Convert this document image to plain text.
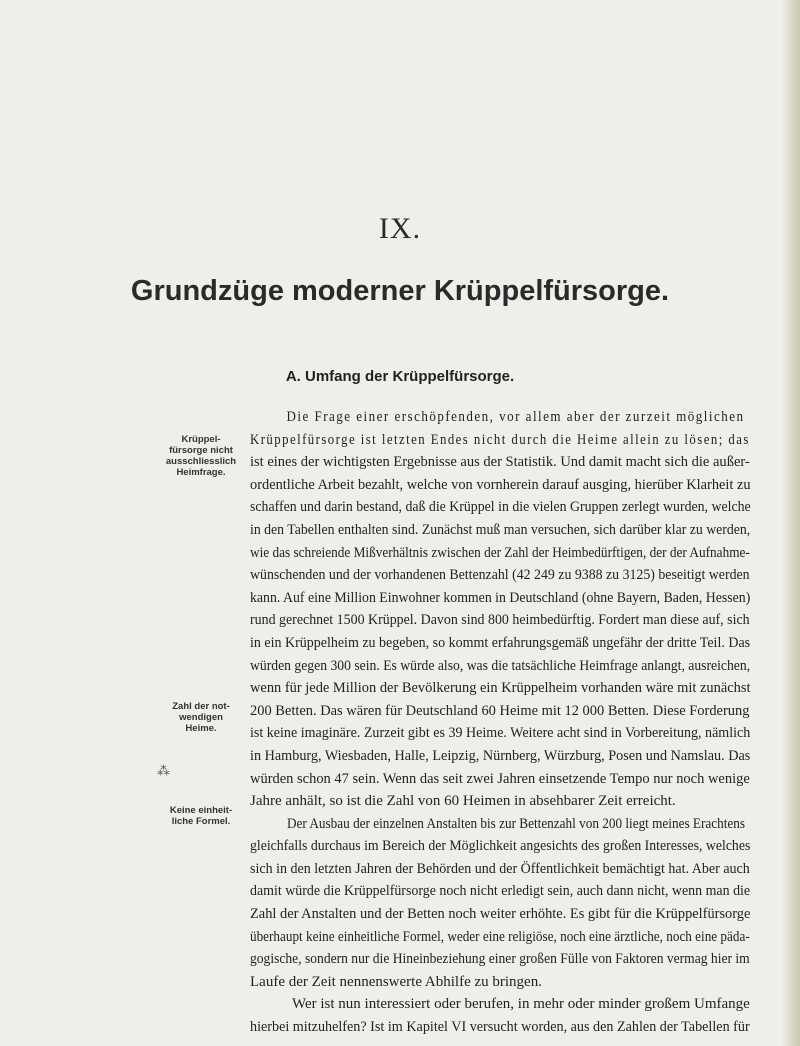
IX.
Grundzüge moderner Krüppelfürsorge.
A. Umfang der Krüppelfürsorge.
Krüppel-
fürsorge nicht
ausschliesslich
Heimfrage.
Zahl der not-
wendigen
Heime.
Keine einheit-
liche Formel.
⁂
Die Frage einer erschöpfenden, vor allem aber der zurzeit möglichen
Krüppelfürsorge ist letzten Endes nicht durch die Heime allein zu lösen; das
ist eines der wichtigsten Ergebnisse aus der Statistik. Und damit macht sich die außer-
ordentliche Arbeit bezahlt, welche von vornherein darauf ausging, hierüber Klarheit zu
schaffen und darin bestand, daß die Krüppel in die vielen Gruppen zerlegt wurden, welche
in den Tabellen enthalten sind. Zunächst muß man versuchen, sich darüber klar zu werden,
wie das schreiende Mißverhältnis zwischen der Zahl der Heimbedürftigen, der der Aufnahme-
wünschenden und der vorhandenen Bettenzahl (42 249 zu 9388 zu 3125) beseitigt werden
kann. Auf eine Million Einwohner kommen in Deutschland (ohne Bayern, Baden, Hessen)
rund gerechnet 1500 Krüppel. Davon sind 800 heimbedürftig. Fordert man diese auf, sich
in ein Krüppelheim zu begeben, so kommt erfahrungsgemäß ungefähr der dritte Teil. Das
würden gegen 300 sein. Es würde also, was die tatsächliche Heimfrage anlangt, ausreichen,
wenn für jede Million der Bevölkerung ein Krüppelheim vorhanden wäre mit zunächst
200 Betten. Das wären für Deutschland 60 Heime mit 12 000 Betten. Diese Forderung
ist keine imaginäre. Zurzeit gibt es 39 Heime. Weitere acht sind in Vorbereitung, nämlich
in Hamburg, Wiesbaden, Halle, Leipzig, Nürnberg, Würzburg, Posen und Namslau. Das
würden schon 47 sein. Wenn das seit zwei Jahren einsetzende Tempo nur noch wenige
Jahre anhält, so ist die Zahl von 60 Heimen in absehbarer Zeit erreicht.
Der Ausbau der einzelnen Anstalten bis zur Bettenzahl von 200 liegt meines Erachtens
gleichfalls durchaus im Bereich der Möglichkeit angesichts des großen Interesses, welches
sich in den letzten Jahren der Behörden und der Öffentlichkeit bemächtigt hat. Aber auch
damit würde die Krüppelfürsorge noch nicht erledigt sein, auch dann nicht, wenn man die
Zahl der Anstalten und der Betten noch weiter erhöhte. Es gibt für die Krüppelfürsorge
überhaupt keine einheitliche Formel, weder eine religiöse, noch eine ärztliche, noch eine päda-
gogische, sondern nur die Hineinbeziehung einer großen Fülle von Faktoren vermag hier im
Laufe der Zeit nennenswerte Abhilfe zu bringen.
Wer ist nun interessiert oder berufen, in mehr oder minder großem Umfange
hierbei mitzuhelfen? Ist im Kapitel VI versucht worden, aus den Zahlen der Tabellen für
